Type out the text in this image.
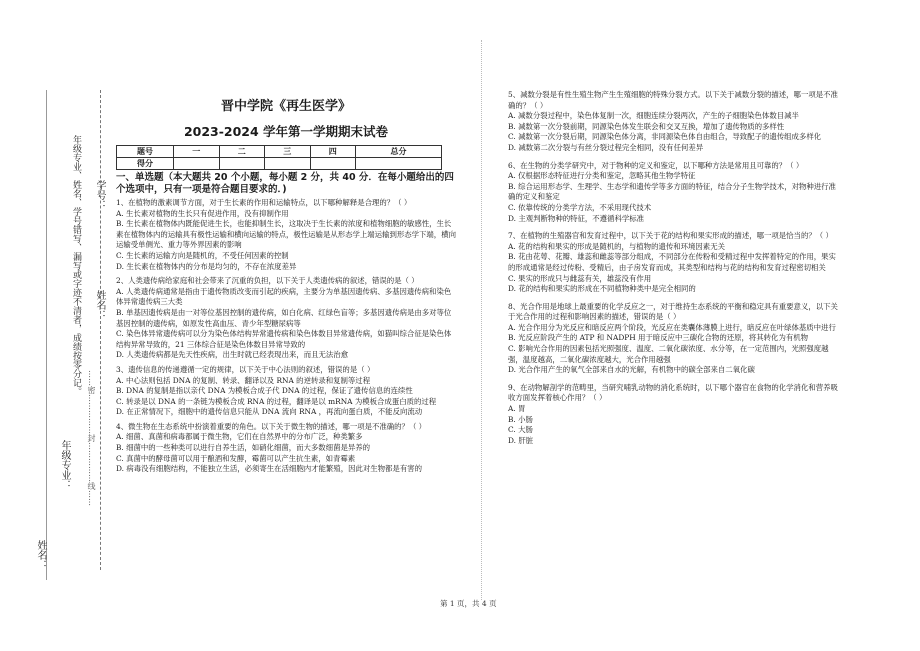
学号：
姓名：
年级专业、姓名、学号错写、漏写或字迹不清者，成绩按零分记。
年级专业： ……密……………封……………线……
姓名：
晋中学院《再生医学》
2023-2024 学年第一学期期末试卷
题号	一	二	三	四	总分
得分					
一、单选题（本大题共 20 个小题，每小题 2 分，共 40 分．在每小题给出的四个选项中，只有一项是符合题目要求的．)

1、在植物的激素调节方面，对于生长素的作用和运输特点，以下哪种解释是合理的？（ ）

A. 生长素对植物的生长只有促进作用，没有抑制作用

B. 生长素在植物体内既能促进生长，也能抑制生长，这取决于生长素的浓度和植物细胞的敏感性，生长素在植物体内的运输具有极性运输和横向运输的特点，极性运输是从形态学上端运输到形态学下端，横向运输受单侧光、重力等外界因素的影响

C. 生长素的运输方向是随机的，不受任何因素的控制

D. 生长素在植物体内的分布是均匀的，不存在浓度差异

2、人类遗传病给家庭和社会带来了沉重的负担，以下关于人类遗传病的叙述，错误的是（ ）

A. 人类遗传病通常是指由于遗传物质改变而引起的疾病，主要分为单基因遗传病、多基因遗传病和染色体异常遗传病三大类

B. 单基因遗传病是由一对等位基因控制的遗传病，如白化病、红绿色盲等；多基因遗传病是由多对等位基因控制的遗传病，如原发性高血压、青少年型糖尿病等

C. 染色体异常遗传病可以分为染色体结构异常遗传病和染色体数目异常遗传病，如猫叫综合征是染色体结构异常导致的，21 三体综合征是染色体数目异常导致的

D. 人类遗传病都是先天性疾病，出生时就已经表现出来，而且无法治愈

3、遗传信息的传递遵循一定的规律，以下关于中心法则的叙述，错误的是（ ）

A. 中心法则包括 DNA 的复制、转录、翻译以及 RNA 的逆转录和复制等过程

B. DNA 的复制是指以亲代 DNA 为模板合成子代 DNA 的过程，保证了遗传信息的连续性

C. 转录是以 DNA 的一条链为模板合成 RNA 的过程，翻译是以 mRNA 为模板合成蛋白质的过程

D. 在正常情况下，细胞中的遗传信息只能从 DNA 流向 RNA ，再流向蛋白质，不能反向流动

4、微生物在生态系统中扮演着重要的角色。以下关于微生物的描述，哪一项是不准确的？（ ）

A. 细菌、真菌和病毒都属于微生物，它们在自然界中的分布广泛，种类繁多

B. 细菌中的一些种类可以进行自养生活，如硝化细菌，而大多数细菌是异养的

C. 真菌中的酵母菌可以用于酿酒和发酵，霉菌可以产生抗生素，如青霉素

D. 病毒没有细胞结构，不能独立生活，必须寄生在活细胞内才能繁殖，因此对生物都是有害的

5、减数分裂是有性生殖生物产生生殖细胞的特殊分裂方式。以下关于减数分裂的描述，哪一项是不准确的？（ ）

A. 减数分裂过程中，染色体复制一次，细胞连续分裂两次，产生的子细胞染色体数目减半

B. 减数第一次分裂前期，同源染色体发生联会和交叉互换，增加了遗传物质的多样性

C. 减数第一次分裂后期，同源染色体分离，非同源染色体自由组合，导致配子的遗传组成多样化

D. 减数第二次分裂与有丝分裂过程完全相同，没有任何差异

6、在生物的分类学研究中，对于物种的定义和鉴定，以下哪种方法是常用且可靠的？（ ）

A. 仅根据形态特征进行分类和鉴定，忽略其他生物学特征

B. 综合运用形态学、生理学、生态学和遗传学等多方面的特征，结合分子生物学技术，对物种进行准确的定义和鉴定

C. 依靠传统的分类学方法，不采用现代技术

D. 主观判断物种的特征，不遵循科学标准

7、在植物的生殖器官和发育过程中，以下关于花的结构和果实形成的描述，哪一项是恰当的？（ ）

A. 花的结构和果实的形成是随机的，与植物的遗传和环境因素无关

B. 花由花萼、花瓣、雄蕊和雌蕊等部分组成，不同部分在传粉和受精过程中发挥着特定的作用，果实的形成通常是经过传粉、受精后，由子房发育而成，其类型和结构与花的结构和发育过程密切相关

C. 果实的形成只与雌蕊有关，雄蕊没有作用

D. 花的结构和果实的形成在不同植物种类中是完全相同的

8、光合作用是地球上最重要的化学反应之一，对于维持生态系统的平衡和稳定具有重要意义，以下关于光合作用的过程和影响因素的描述，错误的是（ ）

A. 光合作用分为光反应和暗反应两个阶段，光反应在类囊体薄膜上进行，暗反应在叶绿体基质中进行

B. 光反应阶段产生的 ATP 和 NADPH 用于暗反应中三碳化合物的还原，将其转化为有机物

C. 影响光合作用的因素包括光照强度、温度、二氧化碳浓度、水分等，在一定范围内，光照强度越强，温度越高，二氧化碳浓度越大，光合作用越强

D. 光合作用产生的氧气全部来自水的光解，有机物中的碳全部来自二氧化碳

9、在动物解剖学的范畴里，当研究哺乳动物的消化系统时，以下哪个器官在食物的化学消化和营养吸收方面发挥着核心作用？（ ）

A. 胃

B. 小肠

C. 大肠

D. 肝脏

第 1 页，共 4 页
